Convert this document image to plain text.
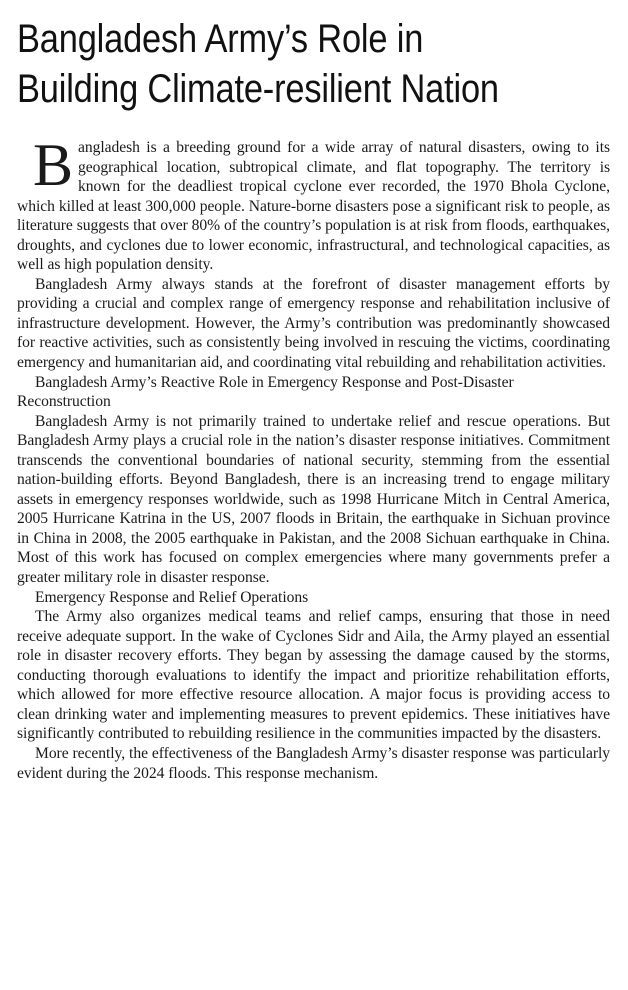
Bangladesh Army’s Role in
Building Climate-resilient Nation

Bangladesh is a breeding ground for a wide array of natural disasters, owing to its geographical location, subtropical climate, and flat topography. The territory is known for the deadliest tropical cyclone ever recorded, the 1970 Bhola Cyclone, which killed at least 300,000 people. Nature-borne disasters pose a significant risk to people, as literature suggests that over 80% of the country’s population is at risk from floods, earthquakes, droughts, and cyclones due to lower economic, infrastructural, and technological capacities, as well as high population density.

Bangladesh Army always stands at the forefront of disaster management efforts by providing a crucial and complex range of emergency response and rehabilitation inclusive of infrastructure development. However, the Army’s contribution was predominantly showcased for reactive activities, such as consistently being involved in rescuing the victims, coordinating emergency and humanitarian aid, and coordinating vital rebuilding and rehabilitation activities.

Bangladesh Army’s Reactive Role in Emergency Response and Post-Disaster Reconstruction

Bangladesh Army is not primarily trained to undertake relief and rescue operations. But Bangladesh Army plays a crucial role in the nation’s disaster response initiatives. Commitment transcends the conventional boundaries of national security, stemming from the essential nation-building efforts. Beyond Bangladesh, there is an increasing trend to engage military assets in emergency responses worldwide, such as 1998 Hurricane Mitch in Central America, 2005 Hurricane Katrina in the US, 2007 floods in Britain, the earthquake in Sichuan province in China in 2008, the 2005 earthquake in Pakistan, and the 2008 Sichuan earthquake in China. Most of this work has focused on complex emergencies where many governments prefer a greater military role in disaster response.

Emergency Response and Relief Operations

The Army also organizes medical teams and relief camps, ensuring that those in need receive adequate support. In the wake of Cyclones Sidr and Aila, the Army played an essential role in disaster recovery efforts. They began by assessing the damage caused by the storms, conducting thorough evaluations to identify the impact and prioritize rehabilitation efforts, which allowed for more effective resource allocation. A major focus is providing access to clean drinking water and implementing measures to prevent epidemics. These initiatives have significantly contributed to rebuilding resilience in the communities impacted by the disasters.

More recently, the effectiveness of the Bangladesh Army’s disaster response was particularly evident during the 2024 floods. This response mechanism.
